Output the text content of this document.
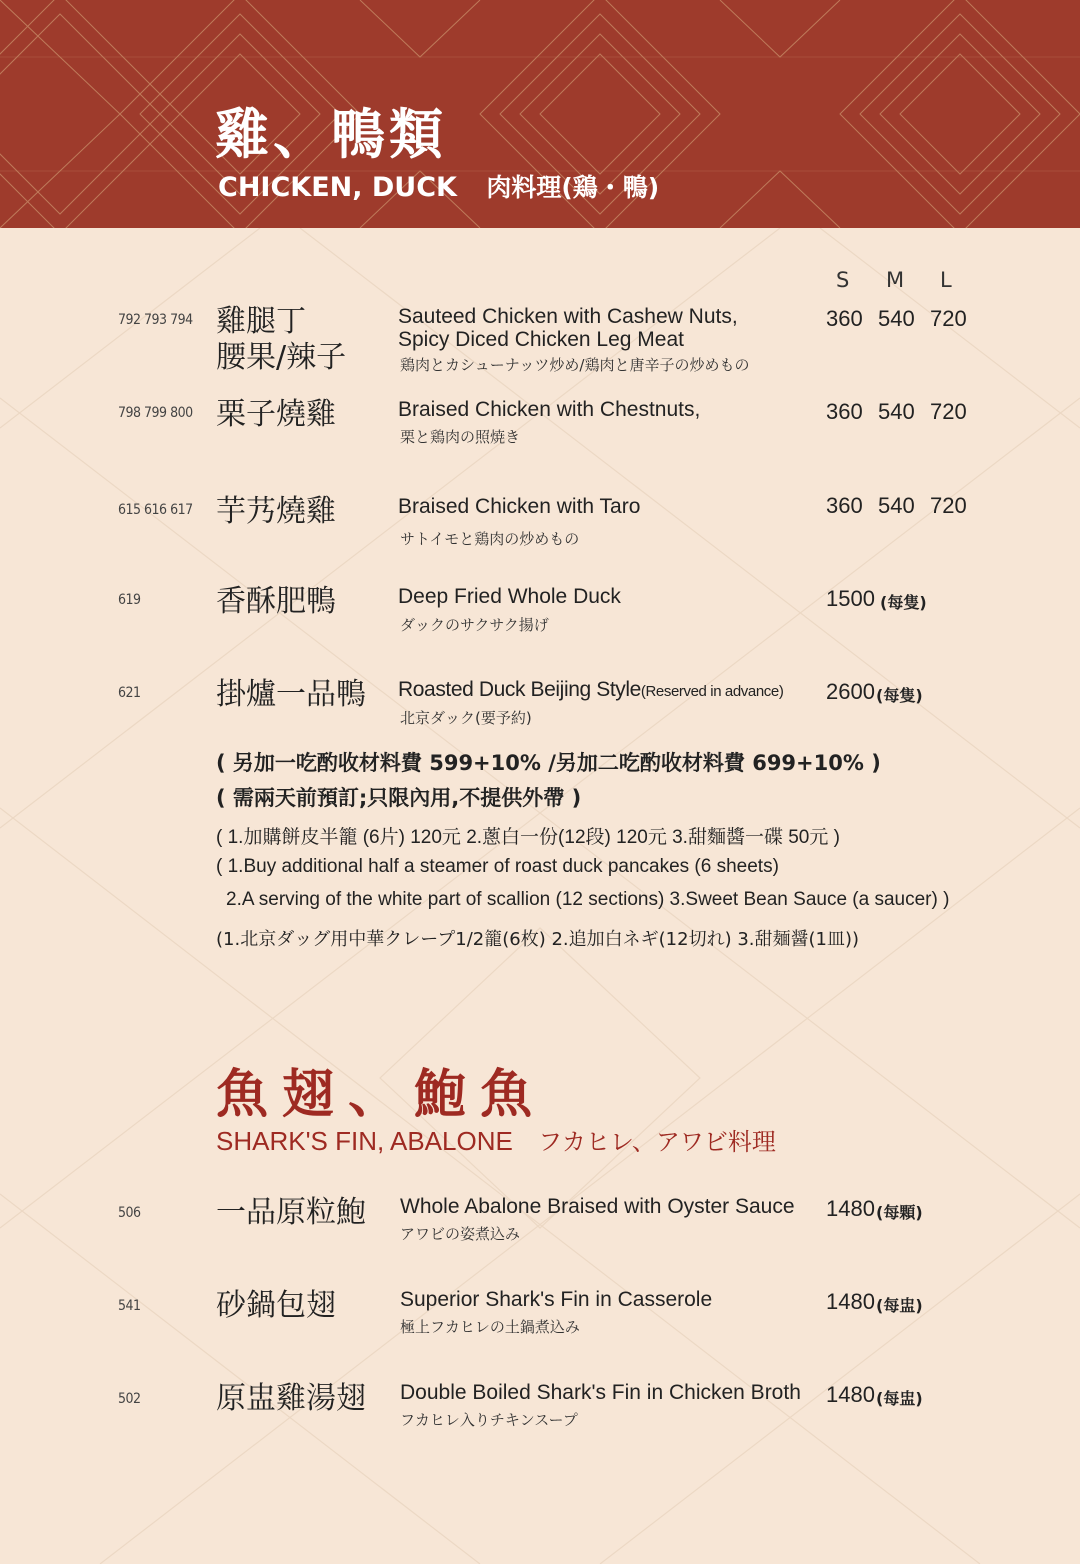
雞、鴨類
CHICKEN, DUCK 肉料理(鶏・鴨)
S M L
792 793 794 雞腿丁
腰果/辣子
Sauteed Chicken with Cashew Nuts,
Spicy Diced Chicken Leg Meat
鶏肉とカシューナッツ炒め/鶏肉と唐辛子の炒めもの
360 540 720
798 799 800 栗子燒雞	Braised Chicken with Chestnuts,
栗と鶏肉の照焼き
360 540 720
615 616 617 芋艿燒雞	Braised Chicken with Taro
サトイモと鶏肉の炒めもの
360 540 720
619	香酥肥鴨	Deep Fried Whole Duck
ダックのサクサク揚げ
1500 (每隻)
621	掛爐一品鴨 Roasted Duck Beijing Style(Reserved in advance)
北京ダック(要予約)
2600 (每隻)
( 另加一吃酌收材料費 599+10% /另加二吃酌收材料費 699+10% )
( 需兩天前預訂;只限內用,不提供外帶 )
( 1.加購餅皮半籠 (6片) 120元 2.蔥白一份(12段) 120元 3.甜麵醬一碟 50元 )
( 1.Buy additional half a steamer of roast duck pancakes (6 sheets)
2.A serving of the white part of scallion (12 sections) 3.Sweet Bean Sauce (a saucer) )
(1.北京ダッグ用中華クレープ1/2籠(6枚) 2.追加白ネギ(12切れ) 3.甜麺醤(1皿))
魚翅、鮑魚
SHARK'S FIN, ABALONE フカヒレ、アワビ料理
506	一品原粒鮑 Whole Abalone Braised with Oyster Sauce
アワビの姿煮込み
1480 (每顆)
541	砂鍋包翅	Superior Shark's Fin in Casserole
極上フカヒレの土鍋煮込み
1480 (每盅)
502	原盅雞湯翅 Double Boiled Shark's Fin in Chicken Broth
フカヒレ入りチキンスープ
1480 (每盅)
